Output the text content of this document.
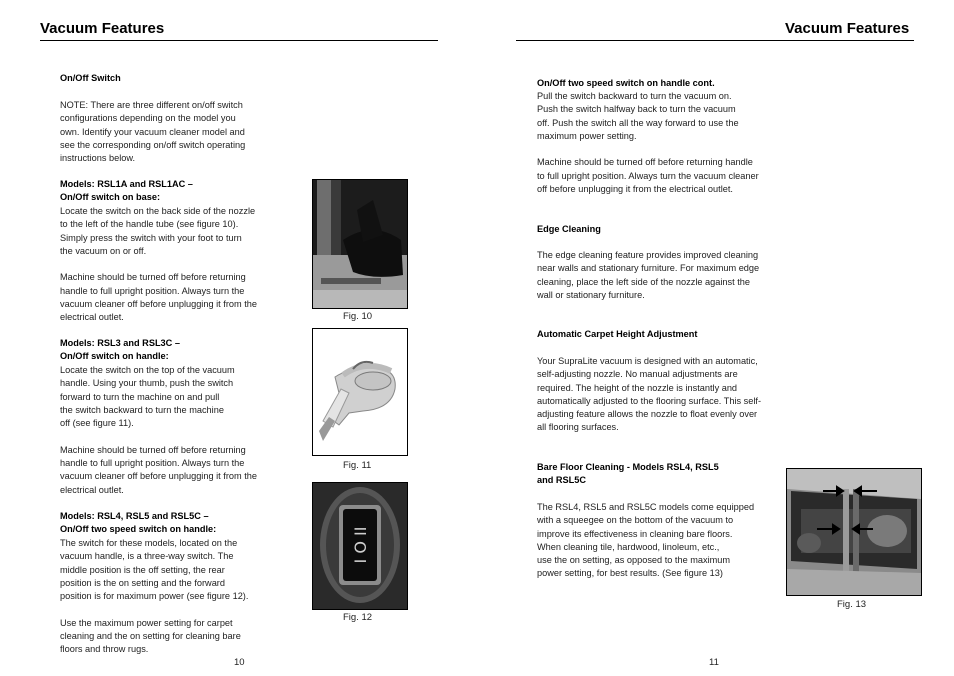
Vacuum Features
On/Off Switch
NOTE: There are three different on/off switch
configurations depending on the model you
own. Identify your vacuum cleaner model and
see the corresponding on/off switch operating
instructions below.
Models: RSL1A and RSL1AC –
On/Off switch on base:
Locate the switch on the back side of the nozzle
to the left of the handle tube (see figure 10).
Simply press the switch with your foot to turn
the vacuum on or off.

Machine should be turned off before returning
handle to full upright position. Always turn the
vacuum cleaner off before unplugging it from the
electrical outlet.
Models: RSL3 and RSL3C –
On/Off switch on handle:
Locate the switch on the top of the vacuum
handle. Using your thumb, push the switch
forward to turn the machine on and pull
the switch backward to turn the machine
off (see figure 11).

Machine should be turned off before returning
handle to full upright position. Always turn the
vacuum cleaner off before unplugging it from the
electrical outlet.
Models: RSL4, RSL5 and RSL5C –
On/Off two speed switch on handle:
The switch for these models, located on the
vacuum handle, is a three-way switch. The
middle position is the off setting, the rear
position is the on setting and the forward
position is for maximum power (see figure 12).

Use the maximum power setting for carpet
cleaning and the on setting for cleaning bare
floors and throw rugs.
Fig. 10
Fig. 11
I O II
Fig. 12
10
Vacuum Features
On/Off two speed switch on handle cont.
Pull the switch backward to turn the vacuum on.
Push the switch halfway back to turn the vacuum
off. Push the switch all the way forward to use the
maximum power setting.

Machine should be turned off before returning handle
to full upright position. Always turn the vacuum cleaner
off before unplugging it from the electrical outlet.
Edge Cleaning
The edge cleaning feature provides improved cleaning
near walls and stationary furniture. For maximum edge
cleaning, place the left side of the nozzle against the
wall or stationary furniture.
Automatic Carpet Height Adjustment
Your SupraLite vacuum is designed with an automatic,
self-adjusting nozzle. No manual adjustments are
required. The height of the nozzle is instantly and
automatically adjusted to the flooring surface. This self-
adjusting feature allows the nozzle to float evenly over
all flooring surfaces.
Bare Floor Cleaning - Models RSL4, RSL5
and RSL5C
The RSL4, RSL5 and RSL5C models come equipped
with a squeegee on the bottom of the vacuum to
improve its effectiveness in cleaning bare floors.
When cleaning tile, hardwood, linoleum, etc.,
use the on setting, as opposed to the maximum
power setting, for best results. (See figure 13)
Fig. 13
11
